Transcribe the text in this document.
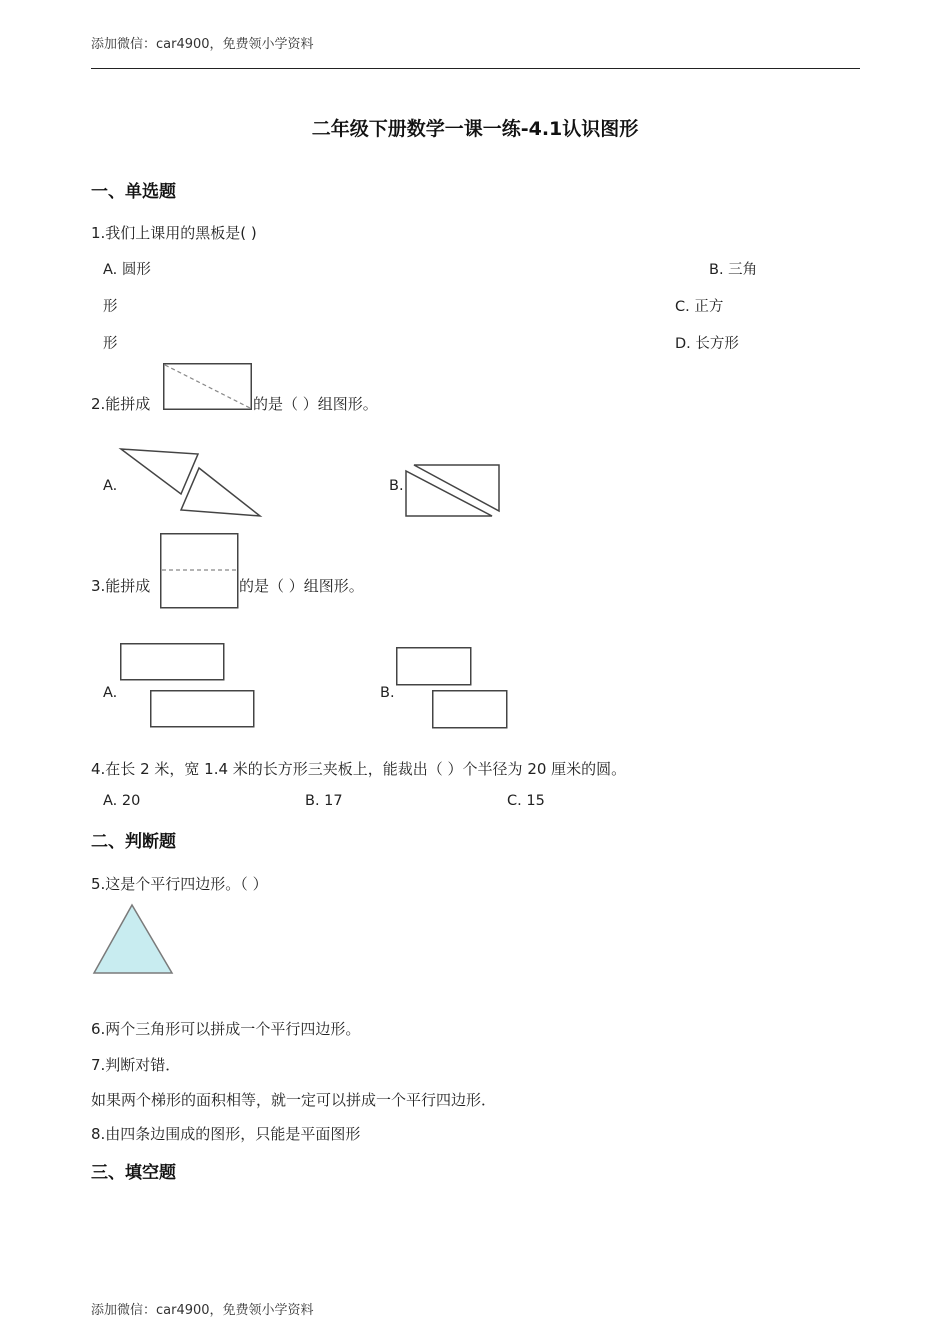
添加微信：car4900，免费领小学资料
二年级下册数学一课一练-4.1认识图形
一、单选题
1.我们上课用的黑板是( )
A. 圆形	B. 三角
形	C. 正方
形	D. 长方形
2.能拼成	的是（ ）组图形。
A.	B.
3.能拼成	的是（ ）组图形。
A.	B.
4.在长 2 米，宽 1.4 米的长方形三夹板上，能裁出（ ）个半径为 20 厘米的圆。
A. 20	B. 17	C. 15
二、判断题
5.这是个平行四边形。（ ）
6.两个三角形可以拼成一个平行四边形。
7.判断对错．
如果两个梯形的面积相等，就一定可以拼成一个平行四边形．
8.由四条边围成的图形，只能是平面图形
三、填空题
添加微信：car4900，免费领小学资料
